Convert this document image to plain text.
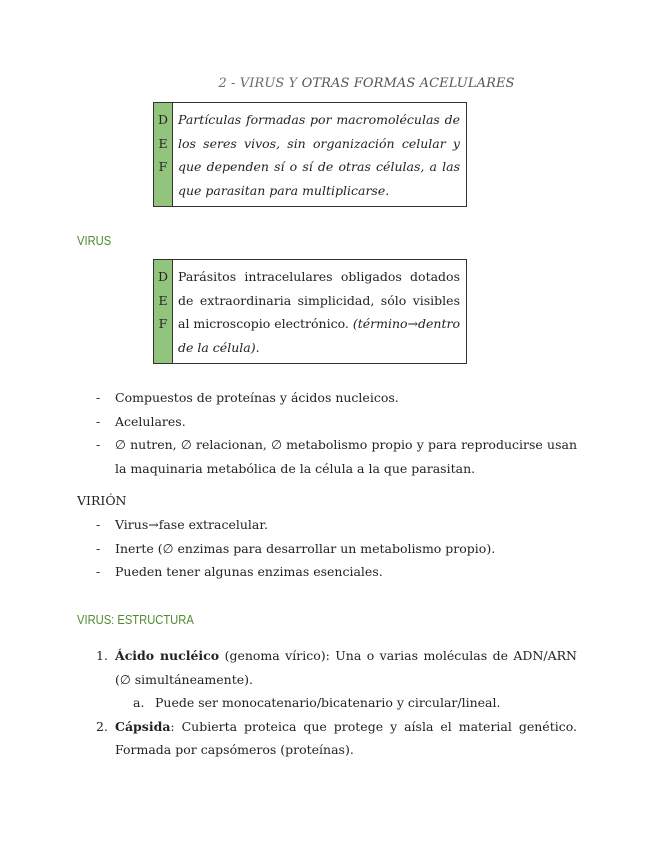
2 - VIRUS Y OTRAS FORMAS ACELULARES
D
E
F
Partículas formadas por macromoléculas de los seres vivos, sin organización celular y que dependen sí o sí de otras células, a las que parasitan para multiplicarse.
VIRUS
D
E
F
Parásitos intracelulares obligados dotados de extraordinaria simplicidad, sólo visibles al microscopio electrónico. (término→dentro de la célula).
- Compuestos de proteínas y ácidos nucleicos.
- Acelulares.
- ∅ nutren, ∅ relacionan, ∅ metabolismo propio y para reproducirse usan la maquinaria metabólica de la célula a la que parasitan.
VIRIÓN
- Virus→fase extracelular.
- Inerte (∅ enzimas para desarrollar un metabolismo propio).
- Pueden tener algunas enzimas esenciales.
VIRUS: ESTRUCTURA
1. Ácido nucléico (genoma vírico): Una o varias moléculas de ADN/ARN (∅ simultáneamente).
a. Puede ser monocatenario/bicatenario y circular/lineal.
2. Cápsida: Cubierta proteica que protege y aísla el material genético. Formada por capsómeros (proteínas).
